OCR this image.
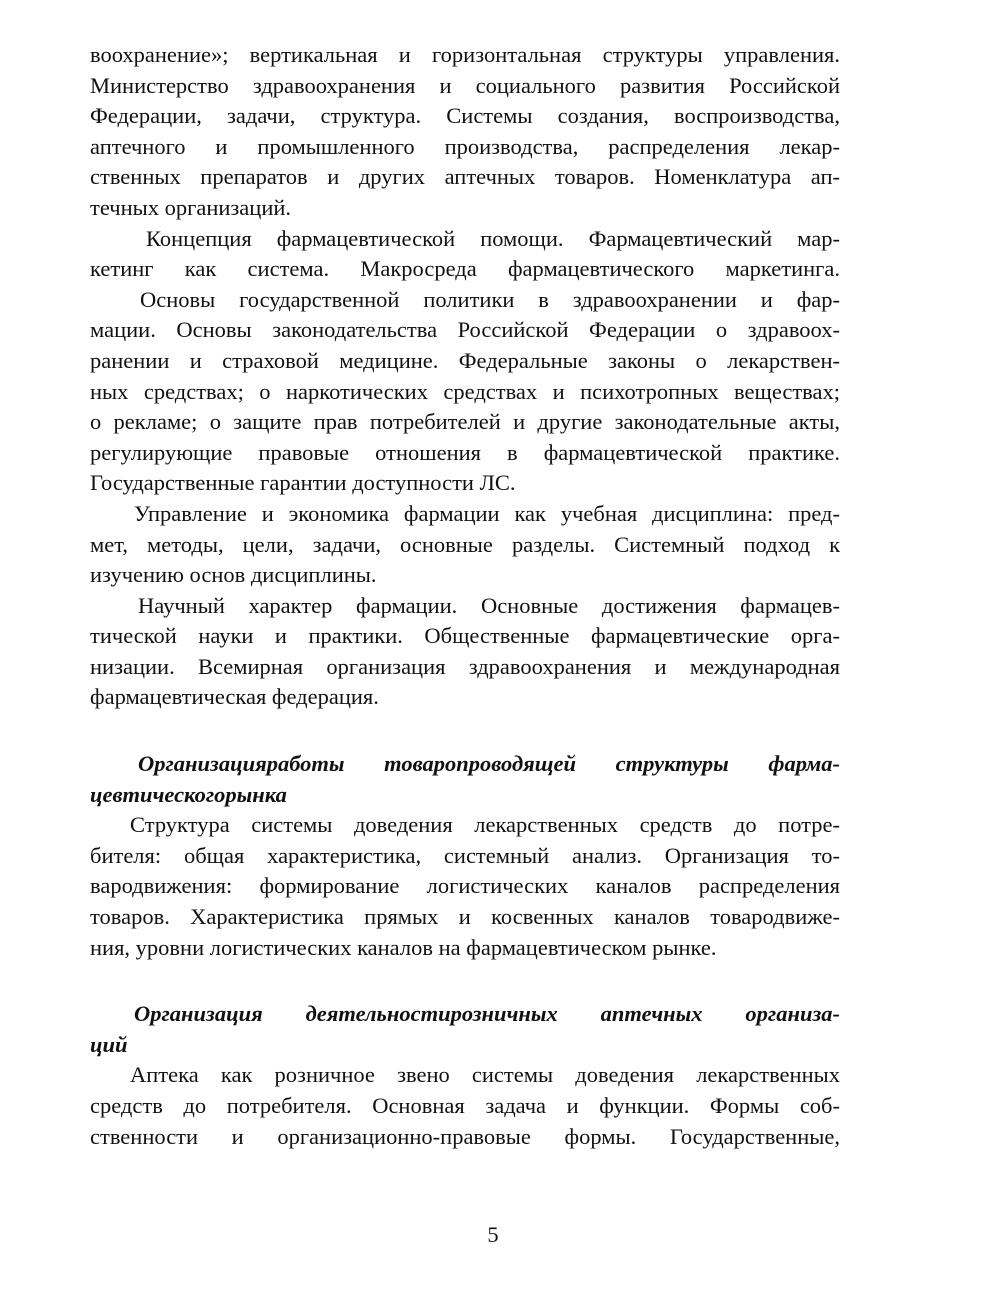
воохранение»; вертикальная и горизонтальная структуры управления.
Министерство здравоохранения и социального развития Российской
Федерации, задачи, структура. Системы создания, воспроизводства,
аптечного и промышленного производства, распределения лекар-
ственных препаратов и других аптечных товаров. Номенклатура ап-
течных организаций.

Концепция фармацевтической помощи. Фармацевтический мар-
кетинг как система. Макросреда фармацевтического маркетинга.

Основы государственной политики в здравоохранении и фар-
мации. Основы законодательства Российской Федерации о здравоох-
ранении и страховой медицине. Федеральные законы о лекарствен-
ных средствах; о наркотических средствах и психотропных веществах;
о рекламе; о защите прав потребителей и другие законодательные акты,
регулирующие правовые отношения в фармацевтической практике.
Государственные гарантии доступности ЛС.

Управление и экономика фармации как учебная дисциплина: пред-
мет, методы, цели, задачи, основные разделы. Системный подход к
изучению основ дисциплины.

Научный характер фармации. Основные достижения фармацев-
тической науки и практики. Общественные фармацевтические орга-
низации. Всемирная организация здравоохранения и международная
фармацевтическая федерация.

Организацияработы товаропроводящей структуры фарма-
цевтическогорынка

Структура системы доведения лекарственных средств до потре-
бителя: общая характеристика, системный анализ. Организация то-
вародвижения: формирование логистических каналов распределения
товаров. Характеристика прямых и косвенных каналов товародвиже-
ния, уровни логистических каналов на фармацевтическом рынке.

Организация деятельностирозничных аптечных организа-
ций

Аптека как розничное звено системы доведения лекарственных
средств до потребителя. Основная задача и функции. Формы соб-
ственности и организационно-правовые формы. Государственные,

5
